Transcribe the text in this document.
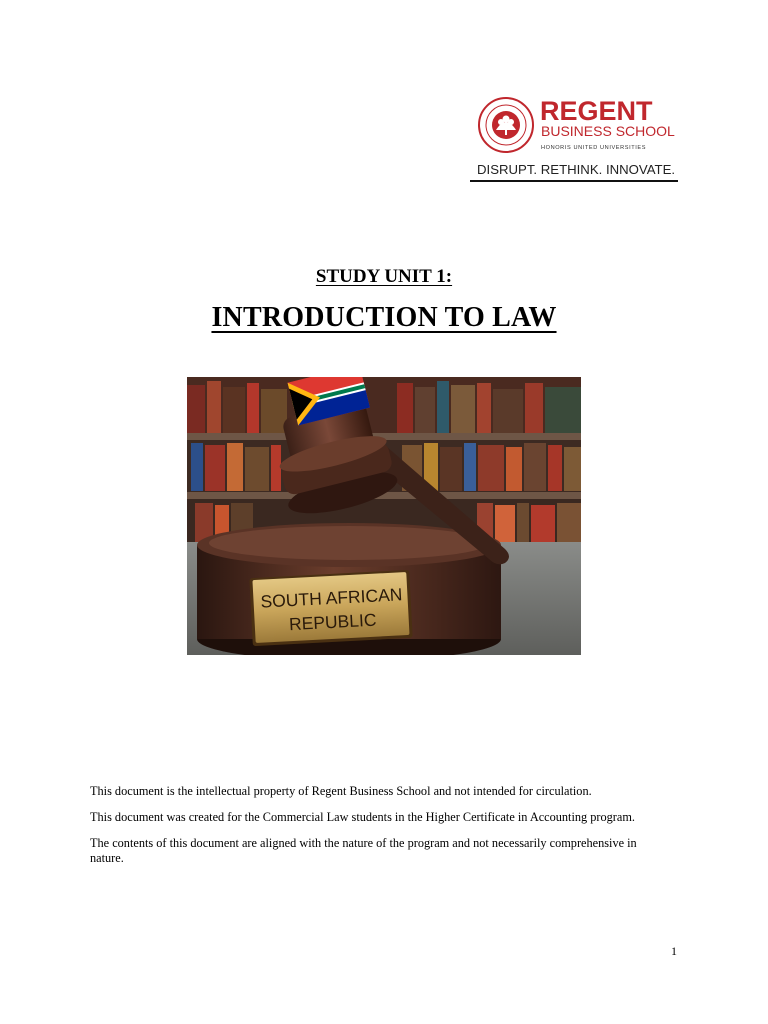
REGENT
BUSINESS SCHOOL
HONORIS UNITED UNIVERSITIES
DISRUPT. RETHINK. INNOVATE.
STUDY UNIT 1:
INTRODUCTION TO LAW
SOUTH AFRICAN
REPUBLIC

This document is the intellectual property of Regent Business School and not intended for circulation.

This document was created for the Commercial Law students in the Higher Certificate in Accounting program.

The contents of this document are aligned with the nature of the program and not necessarily comprehensive in nature.

1
